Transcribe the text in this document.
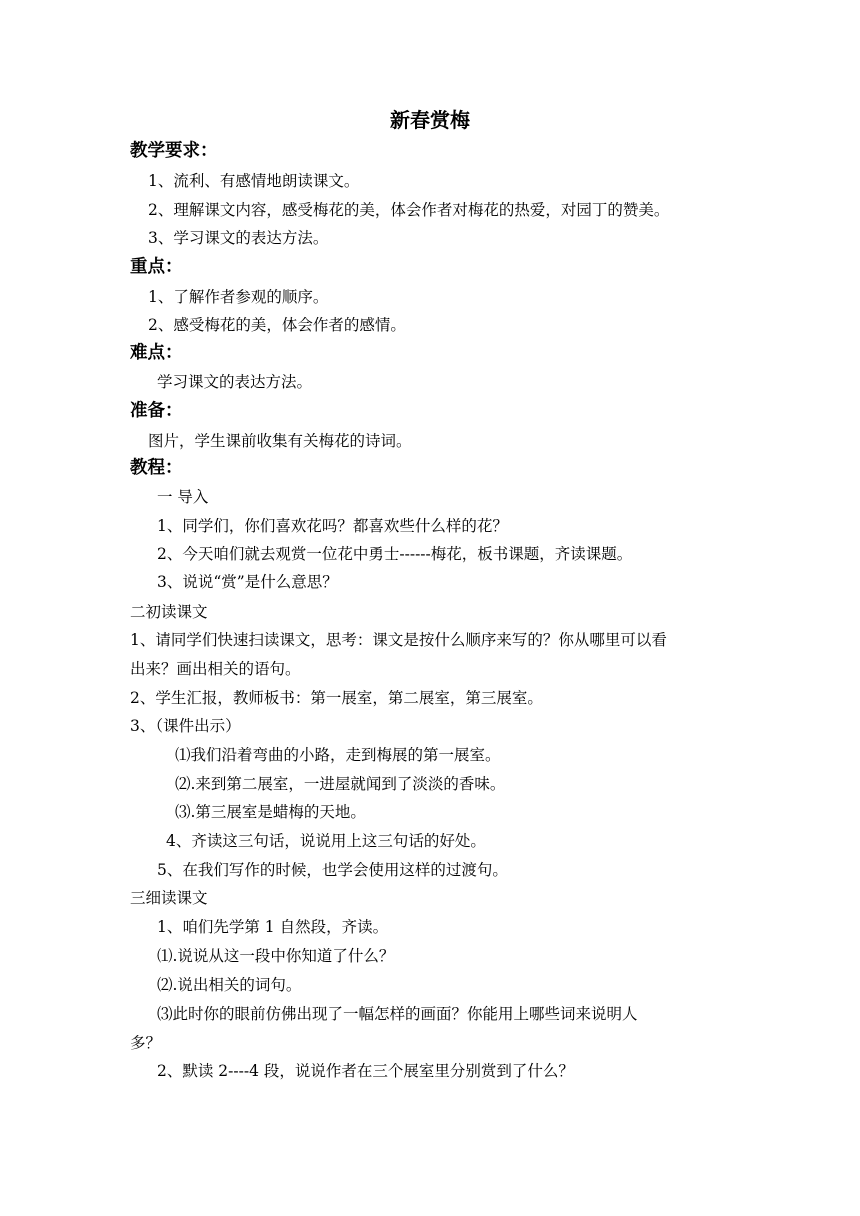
新春赏梅
教学要求：
1、流利、有感情地朗读课文。
2、理解课文内容，感受梅花的美，体会作者对梅花的热爱，对园丁的赞美。
3、学习课文的表达方法。
重点：
1、了解作者参观的顺序。
2、感受梅花的美，体会作者的感情。
难点：
学习课文的表达方法。
准备：
图片，学生课前收集有关梅花的诗词。
教程：
一 导入
1、同学们，你们喜欢花吗？都喜欢些什么样的花？
2、今天咱们就去观赏一位花中勇士------梅花，板书课题，齐读课题。
3、说说“赏”是什么意思？
二初读课文
1、请同学们快速扫读课文，思考：课文是按什么顺序来写的？你从哪里可以看
出来？画出相关的语句。
2、学生汇报，教师板书：第一展室，第二展室，第三展室。
3、（课件出示）
⑴我们沿着弯曲的小路，走到梅展的第一展室。
⑵.来到第二展室，一进屋就闻到了淡淡的香味。
⑶.第三展室是蜡梅的天地。
4、齐读这三句话，说说用上这三句话的好处。
5、在我们写作的时候，也学会使用这样的过渡句。
三细读课文
1、咱们先学第 1 自然段，齐读。
⑴.说说从这一段中你知道了什么？
⑵.说出相关的词句。
⑶此时你的眼前仿佛出现了一幅怎样的画面？你能用上哪些词来说明人
多？
2、默读 2----4 段，说说作者在三个展室里分别赏到了什么？
